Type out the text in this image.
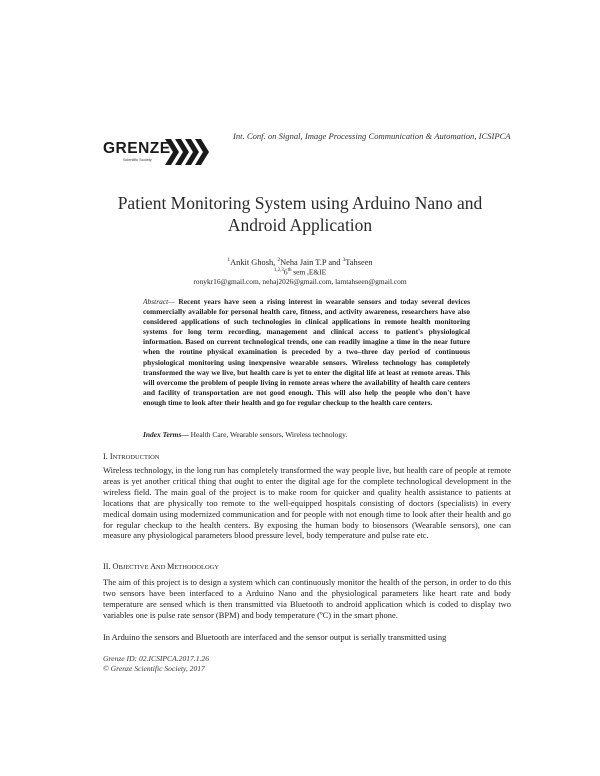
GRENZE
Scientific Society
Int. Conf. on Signal, Image Processing Communication & Automation, ICSIPCA
Patient Monitoring System using Arduino Nano and Android Application
$^1$Ankit Ghosh, $^2$Neha Jain T.P and $^3$Tahseen
$^{1,2,3}$6th sem ,E&IE
ronykr16@gmail.com, nehaj2026@gmail.com, lamtahseen@gmail.com
Abstract— Recent years have seen a rising interest in wearable sensors and today several devices commercially available for personal health care, fitness, and activity awareness, researchers have also considered applications of such technologies in clinical applications in remote health monitoring systems for long term recording, management and clinical access to patient's physiological information. Based on current technological trends, one can readily imagine a time in the near future when the routine physical examination is preceded by a two–three day period of continuous physiological monitoring using inexpensive wearable sensors. Wireless technology has completely transformed the way we live, but health care is yet to enter the digital life at least at remote areas. This will overcome the problem of people living in remote areas where the availability of health care centers and facility of transportation are not good enough. This will also help the people who don't have enough time to look after their health and go for regular checkup to the health care centers.
Index Terms— Health Care, Wearable sensors, Wireless technology.
I. INTRODUCTION
Wireless technology, in the long run has completely transformed the way people live, but health care of people at remote areas is yet another critical thing that ought to enter the digital age for the complete technological development in the wireless field. The main goal of the project is to make room for quicker and quality health assistance to patients at locations that are physically too remote to the well-equipped hospitals consisting of doctors (specialists) in every medical domain using modernized communication and for people with not enough time to look after their health and go for regular checkup to the health centers. By exposing the human body to biosensors (Wearable sensors), one can measure any physiological parameters blood pressure level, body temperature and pulse rate etc.
II. OBJECTIVE AND METHODOLOGY
The aim of this project is to design a system which can continuously monitor the health of the person, in order to do this two sensors have been interfaced to a Arduino Nano and the physiological parameters like heart rate and body temperature are sensed which is then transmitted via Bluetooth to android application which is coded to display two variables one is pulse rate sensor (BPM) and body temperature (ºC) in the smart phone.
In Arduino the sensors and Bluetooth are interfaced and the sensor output is serially transmitted using
Grenze ID: 02.ICSIPCA.2017.1.26
© Grenze Scientific Society, 2017
